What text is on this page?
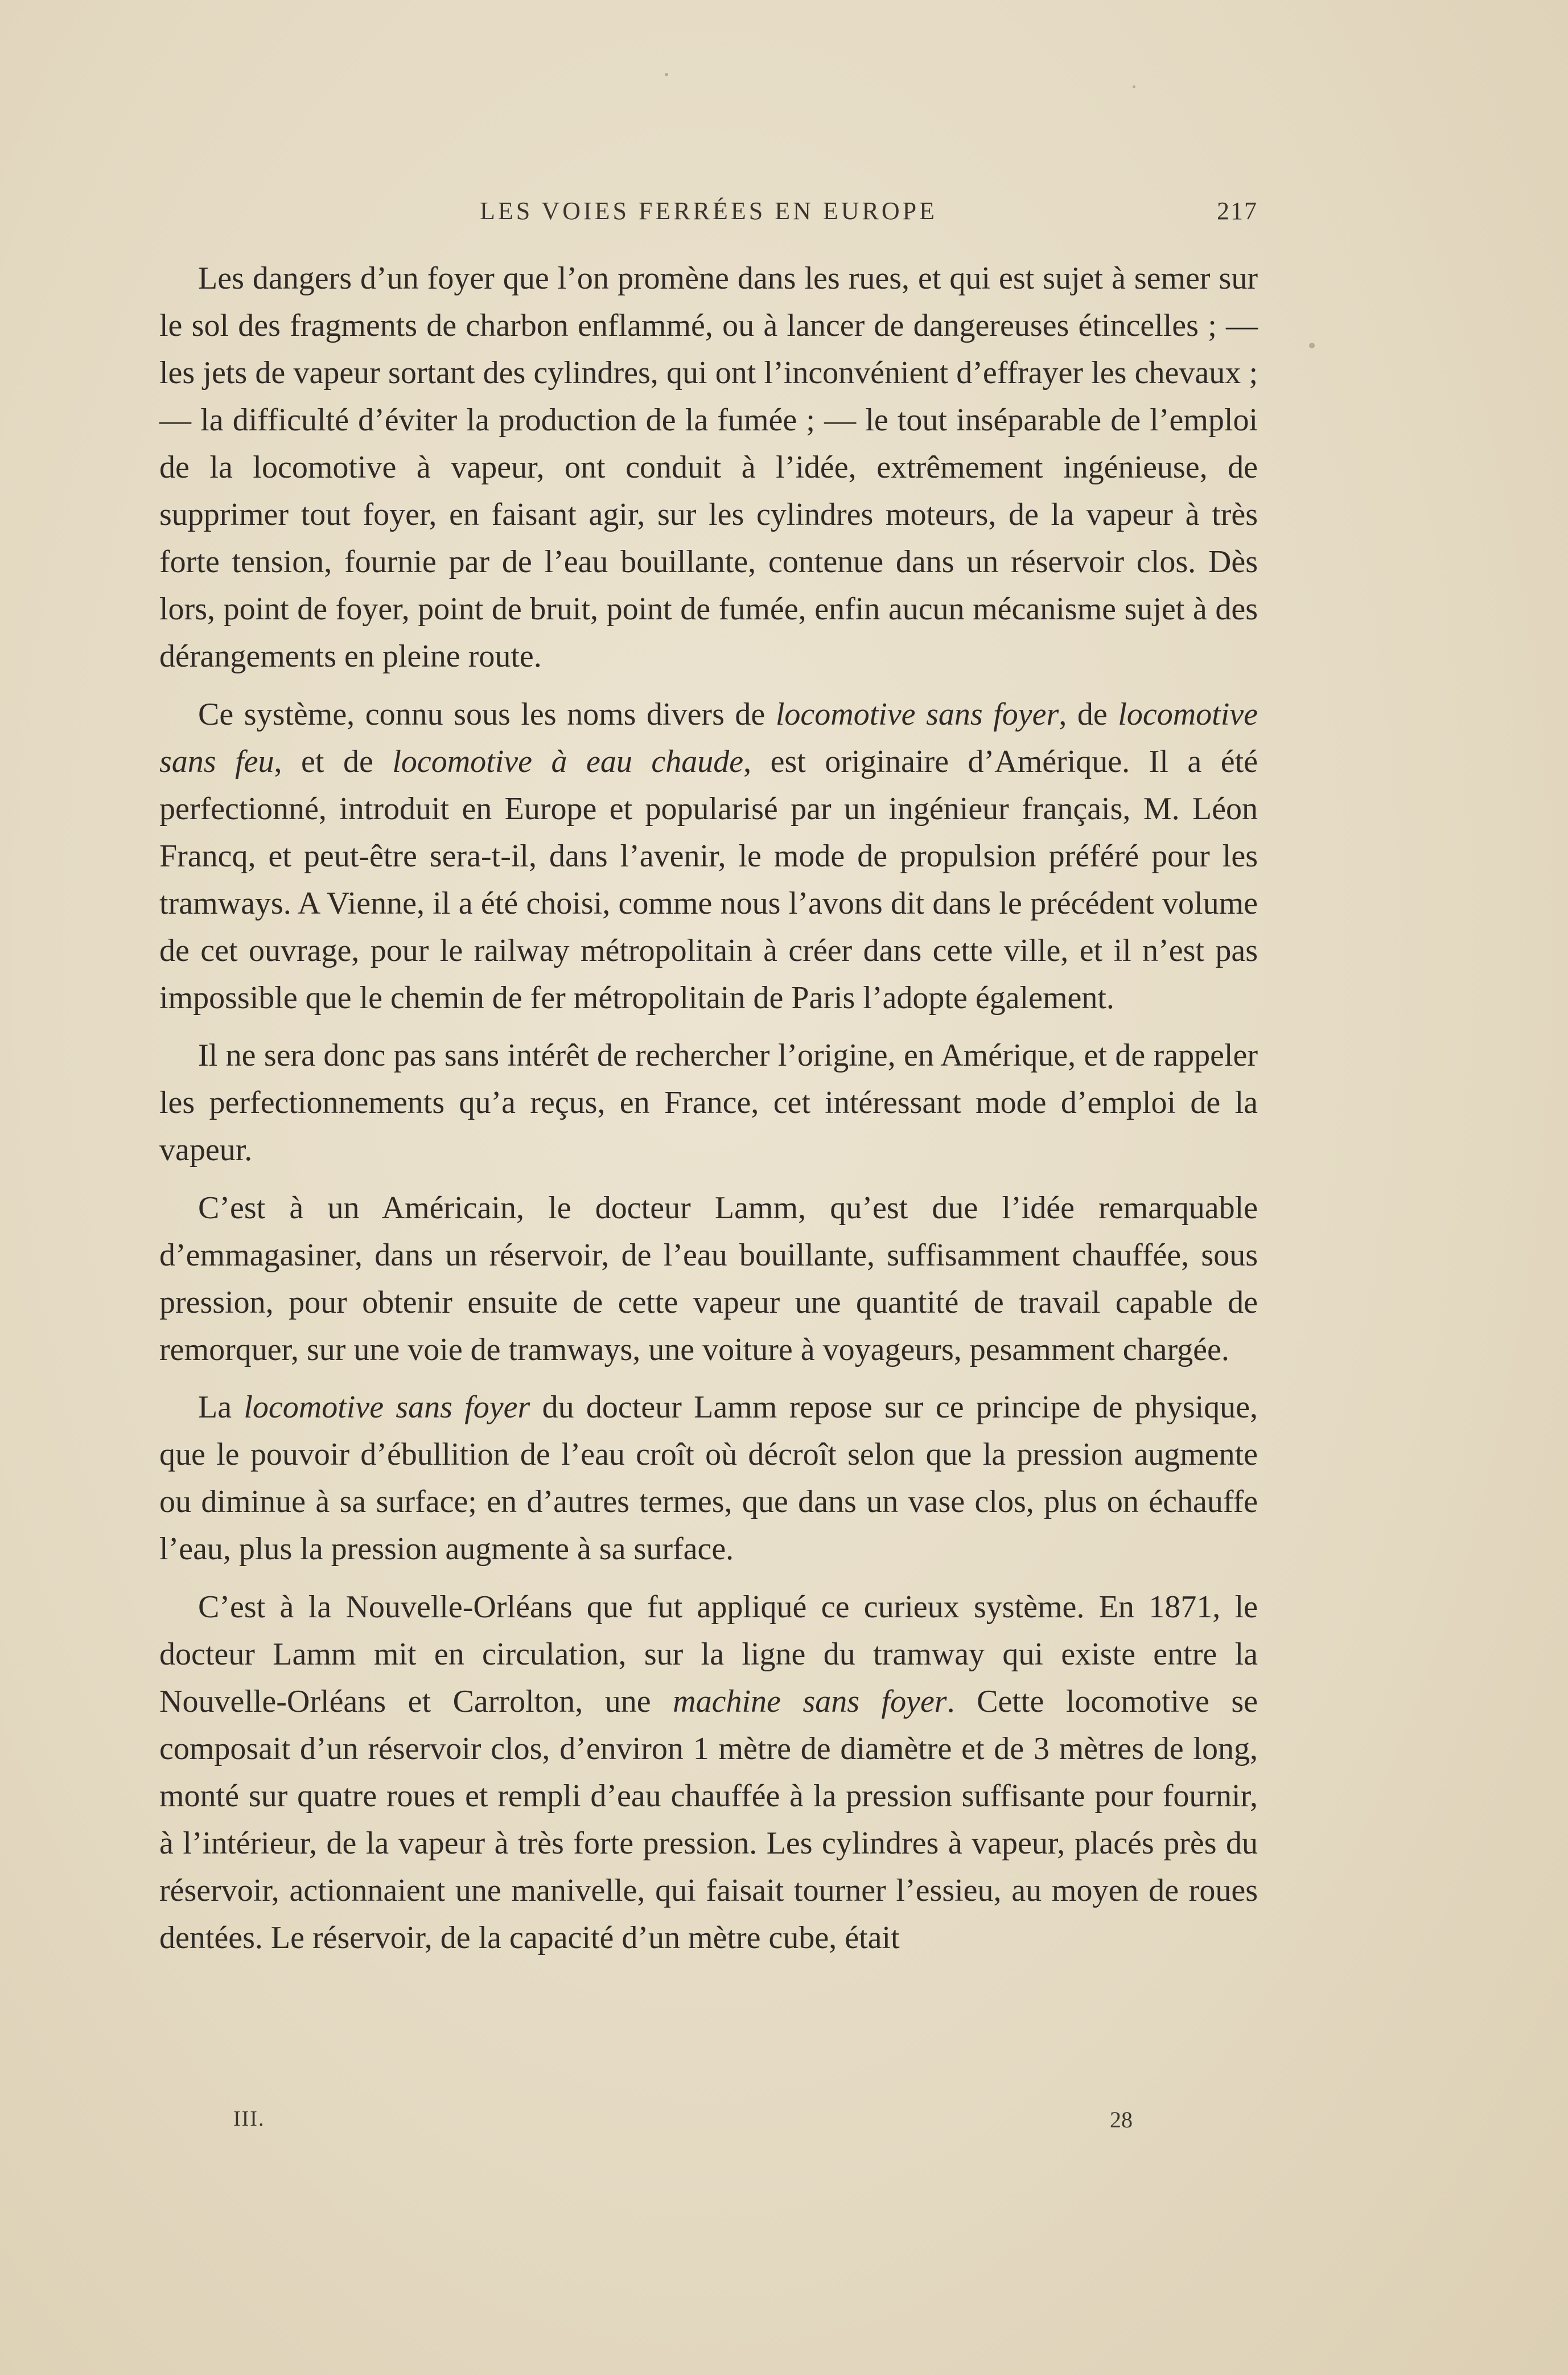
LES VOIES FERRÉES EN EUROPE	217

Les dangers d’un foyer que l’on promène dans les rues, et qui est sujet à semer sur le sol des fragments de charbon enflammé, ou à lancer de dangereuses étincelles ; — les jets de vapeur sortant des cylindres, qui ont l’inconvénient d’effrayer les chevaux ; — la difficulté d’éviter la production de la fumée ; — le tout inséparable de l’emploi de la locomotive à vapeur, ont conduit à l’idée, extrêmement ingénieuse, de supprimer tout foyer, en faisant agir, sur les cylindres moteurs, de la vapeur à très forte tension, fournie par de l’eau bouillante, contenue dans un réservoir clos. Dès lors, point de foyer, point de bruit, point de fumée, enfin aucun mécanisme sujet à des dérangements en pleine route.

Ce système, connu sous les noms divers de locomotive sans foyer, de locomotive sans feu, et de locomotive à eau chaude, est originaire d’Amérique. Il a été perfectionné, introduit en Europe et popularisé par un ingénieur français, M. Léon Francq, et peut-être sera-t-il, dans l’avenir, le mode de propulsion préféré pour les tramways. A Vienne, il a été choisi, comme nous l’avons dit dans le précédent volume de cet ouvrage, pour le railway métropolitain à créer dans cette ville, et il n’est pas impossible que le chemin de fer métropolitain de Paris l’adopte également.

Il ne sera donc pas sans intérêt de rechercher l’origine, en Amérique, et de rappeler les perfectionnements qu’a reçus, en France, cet intéressant mode d’emploi de la vapeur.

C’est à un Américain, le docteur Lamm, qu’est due l’idée remarquable d’emmagasiner, dans un réservoir, de l’eau bouillante, suffisamment chauffée, sous pression, pour obtenir ensuite de cette vapeur une quantité de travail capable de remorquer, sur une voie de tramways, une voiture à voyageurs, pesamment chargée.

La locomotive sans foyer du docteur Lamm repose sur ce principe de physique, que le pouvoir d’ébullition de l’eau croît où décroît selon que la pression augmente ou diminue à sa surface; en d’autres termes, que dans un vase clos, plus on échauffe l’eau, plus la pression augmente à sa surface.

C’est à la Nouvelle-Orléans que fut appliqué ce curieux système. En 1871, le docteur Lamm mit en circulation, sur la ligne du tramway qui existe entre la Nouvelle-Orléans et Carrolton, une machine sans foyer. Cette locomotive se composait d’un réservoir clos, d’environ 1 mètre de diamètre et de 3 mètres de long, monté sur quatre roues et rempli d’eau chauffée à la pression suffisante pour fournir, à l’intérieur, de la vapeur à très forte pression. Les cylindres à vapeur, placés près du réservoir, actionnaient une manivelle, qui faisait tourner l’essieu, au moyen de roues dentées. Le réservoir, de la capacité d’un mètre cube, était

III.	28
